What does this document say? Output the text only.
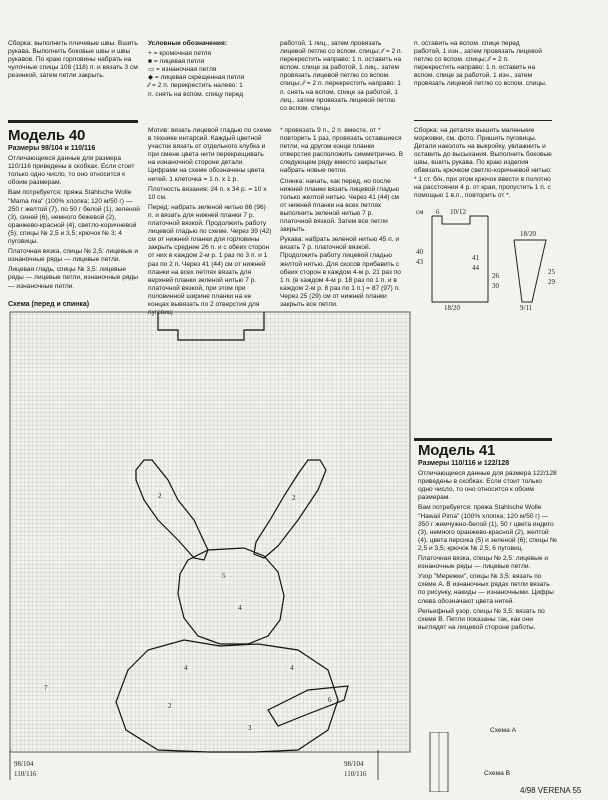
Сборка: выполнить плечевые швы. Вшить рукава. Выполнить боковые швы и швы рукавов. По краю горловины набрать на чулочные спицы 108 (118) п. и вязать 3 см резинкой, затем петли закрыть.

Условные обозначения:

+ = кромочная петля
■ = лицевая петля
▭ = изнаночная петля
◆ = лицевая скрещенная петля
⁄⁄ = 2 п. перекрестить налево: 1
п. снять на вспом. спицу перед

работой, 1 лиц., затем провязать лицевой петлю со вспом. спицы; ⁄⁄ = 2 п. перекрестить направо: 1 п. оставить на вспом. спице за работой, 1 лиц., затем провязать лицевой петлю со вспом. спицы; ⁄⁄ = 2 п. перекрестить направо: 1 п. снять на вспом. спице за работой, 1 лиц., затем провязать лицевой петлю со вспом. спицы

п. оставить на вспом. спице перед работой, 1 изн., затем провязать лицевой петлю со вспом. спицы; ⁄⁄ = 2 п. перекрестить направо: 1 п. оставить на вспом. спице за работой, 1 изн., затем провязать лицевой петлю со вспом. спицы.

Модель 40

Размеры 98/104 и 110/116

Отличающиеся данные для размера 110/116 приведены в скобках. Если стоит только одно число, то оно относится к обоим размерам.

Вам потребуется: пряжа Stahlsche Wolle "Mama mia" (100% хлопка; 120 м/50 г) — 250 г желтой (7), по 50 г белой (1), зеленой (3), синей (6), немного бежевой (2), оранжево-красной (4), светло-коричневой (5); спицы № 2,5 и 3,5; крючок № 3; 4 пуговицы.

Платочная вязка, спицы № 2,5: лицевые и изнаночные ряды — лицевые петли.

Лицевая гладь, спицы № 3,5: лицевые ряды — лицевые петли, изнаночные ряды — изнаночные петли.

Мотив: вязать лицевой гладью по схеме в технике интарсий. Каждый цветной участок вязать от отдельного клубка и при смене цвета нити перекрещивать на изнаночной стороне детали. Цифрами на схеме обозначены цвета нитей. 1 клеточка = 1 п. x 1 р.

Плотность вязания: 24 п. x 34 р. = 10 x 10 см.

Перед: набрать зеленой нитью 86 (96) п. и вязать для нижней планки 7 р. платочной вязкой. Продолжить работу лицевой гладью по схеме. Через 39 (42) см от нижней планки для горловины закрыть средние 26 п. и с обеих сторон от них в каждом 2-м р. 1 раз по 3 п. и 1 раз по 2 п. Через 41 (44) см от нижней планки на всех петлях вязать для верхней планки зеленой нитью 7 р. платочной вязкой, при этом при половинной ширине планки на ее концах вывязать по 2 отверстия для

* провязать 9 п., 2 п. вместе, от * повторить 1 раз, провязать оставшиеся петли, на другом конце планки отверстия расположить симметрично. В следующем ряду вместо закрытых набрать новые петли.

Спинка: начать, как перед, но после нижней планки вязать лицевой гладью только желтой нитью. Через 41 (44) см от нижней планки на всех петлях выполнить зеленой нитью 7 р. платочной вязкой. Затем все петли закрыть.

Рукава: набрать зеленой нитью 45 п. и вязать 7 р. платочной вязкой. Продолжить работу лицевой гладью желтой нитью. Для скосов прибавить с обеих сторон в каждом 4-м р. 21 раз по 1 п. (в каждом 4-м р. 18 раз по 1 п. и в каждом 2-м р. 8 раз по 1 п.) = 87 (97) п. Через 25 (29) см от нижней планки закрыть все петли.

Сборка: на деталях вышить маленькие морковки, см. фото. Пришить пуговицы. Детали наколоть на выкройку, увлажнить и оставить до высыхания. Выполнить боковые швы, вшить рукава. По краю изделия обвязать крючком светло-коричневой нитью: * 1 ст. б/н, при этом крючок ввести в полотно на расстоянии 4 р. от края, пропустить 1 п. с помощью 1 в.п., повторить от *.

см 6 10/12
40
43	41
44
26
30
18/20
18/20
25
29
9/11
Схема (перед и спинка)
2	2
5
4
4	4
2
3
6
7
98/104
110/116
98/104
110/116
Модель 41

Размеры 110/116 и 122/128

Отличающиеся данные для размера 122/128 приведены в скобках. Если стоит только одно число, то оно относится к обоим размерам.

Вам потребуется: пряжа Stahlsche Wolle "Hawaii Pima" (100% хлопка; 120 м/50 г) — 350 г жемчужно-белой (1), 50 г цвета индиго (3), немного оранжево-красной (2), желтой (4), цвета персика (5) и зеленой (6); спицы № 2,5 и 3,5; крючок № 2,5; 6 пуговиц.

Платочная вязка, спицы № 2,5: лицевые и изнаночные ряды — лицевые петли.

Узор "Мережки", спицы № 3,5: вязать по схеме А. В изнаночных рядах петли вязать по рисунку, накиды — изнаночными. Цифры слева обозначают цвета нитей.

Рельефный узор, спицы № 3,5: вязать по схеме В. Петли показаны так, как они выглядят на лицевой стороне работы.

Схема А
Схема В
4/98 VERENA 55
